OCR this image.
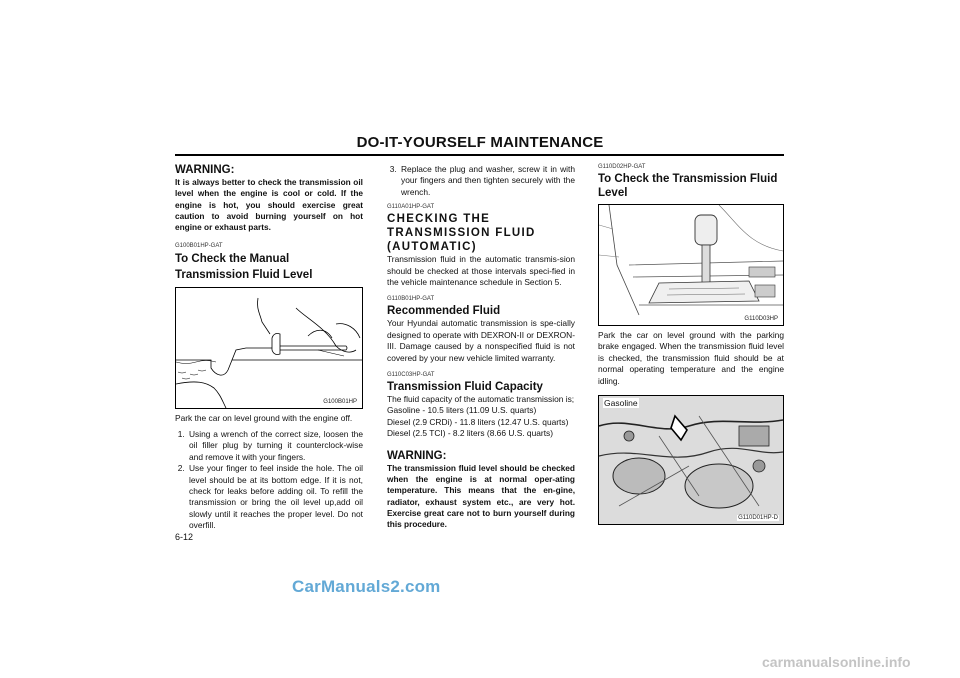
DO-IT-YOURSELF MAINTENANCE
WARNING:
It is always better to check the transmission oil level when the engine is cool or cold. If the engine is hot, you should exercise great caution to avoid burning yourself on hot engine or exhaust parts.
G100B01HP-GAT
To Check the Manual Transmission Fluid Level
G100B01HP

Park the car on level ground with the engine off.

1. Using a wrench of the correct size, loosen the oil filler plug by turning it counterclock-wise and remove it with your fingers.
2. Use your finger to feel inside the hole. The oil level should be at its bottom edge. If it is not, check for leaks before adding oil. To refill the transmission or bring the oil level up,add oil slowly until it reaches the proper level. Do not overfill.
6-12
3. Replace the plug and washer, screw it in with your fingers and then tighten securely with the wrench.
G110A01HP-GAT
CHECKING THE TRANSMISSION FLUID (AUTOMATIC)

Transmission fluid in the automatic transmis-sion should be checked at those intervals speci-fied in the vehicle maintenance schedule in Section 5.

G110B01HP-GAT
Recommended Fluid

Your Hyundai automatic transmission is spe-cially designed to operate with DEXRON-II or DEXRON-III. Damage caused by a nonspecified fluid is not covered by your new vehicle limited warranty.

G110C03HP-GAT
Transmission Fluid Capacity

The fluid capacity of the automatic transmission is;

Gasoline - 10.5 liters (11.09 U.S. quarts)

Diesel (2.9 CRDi) - 11.8 liters (12.47 U.S. quarts)

Diesel (2.5 TCI) - 8.2 liters (8.66 U.S. quarts)

WARNING:
The transmission fluid level should be checked when the engine is at normal oper-ating temperature. This means that the en-gine, radiator, exhaust system etc., are very hot. Exercise great care not to burn yourself during this procedure.
G110D02HP-GAT
To Check the Transmission Fluid Level
G110D03HP

Park the car on level ground with the parking brake engaged. When the transmission fluid level is checked, the transmission fluid should be at normal operating temperature and the engine idling.

Gasoline
G110D01HP-D
CarManuals2.com
carmanualsonline.info
